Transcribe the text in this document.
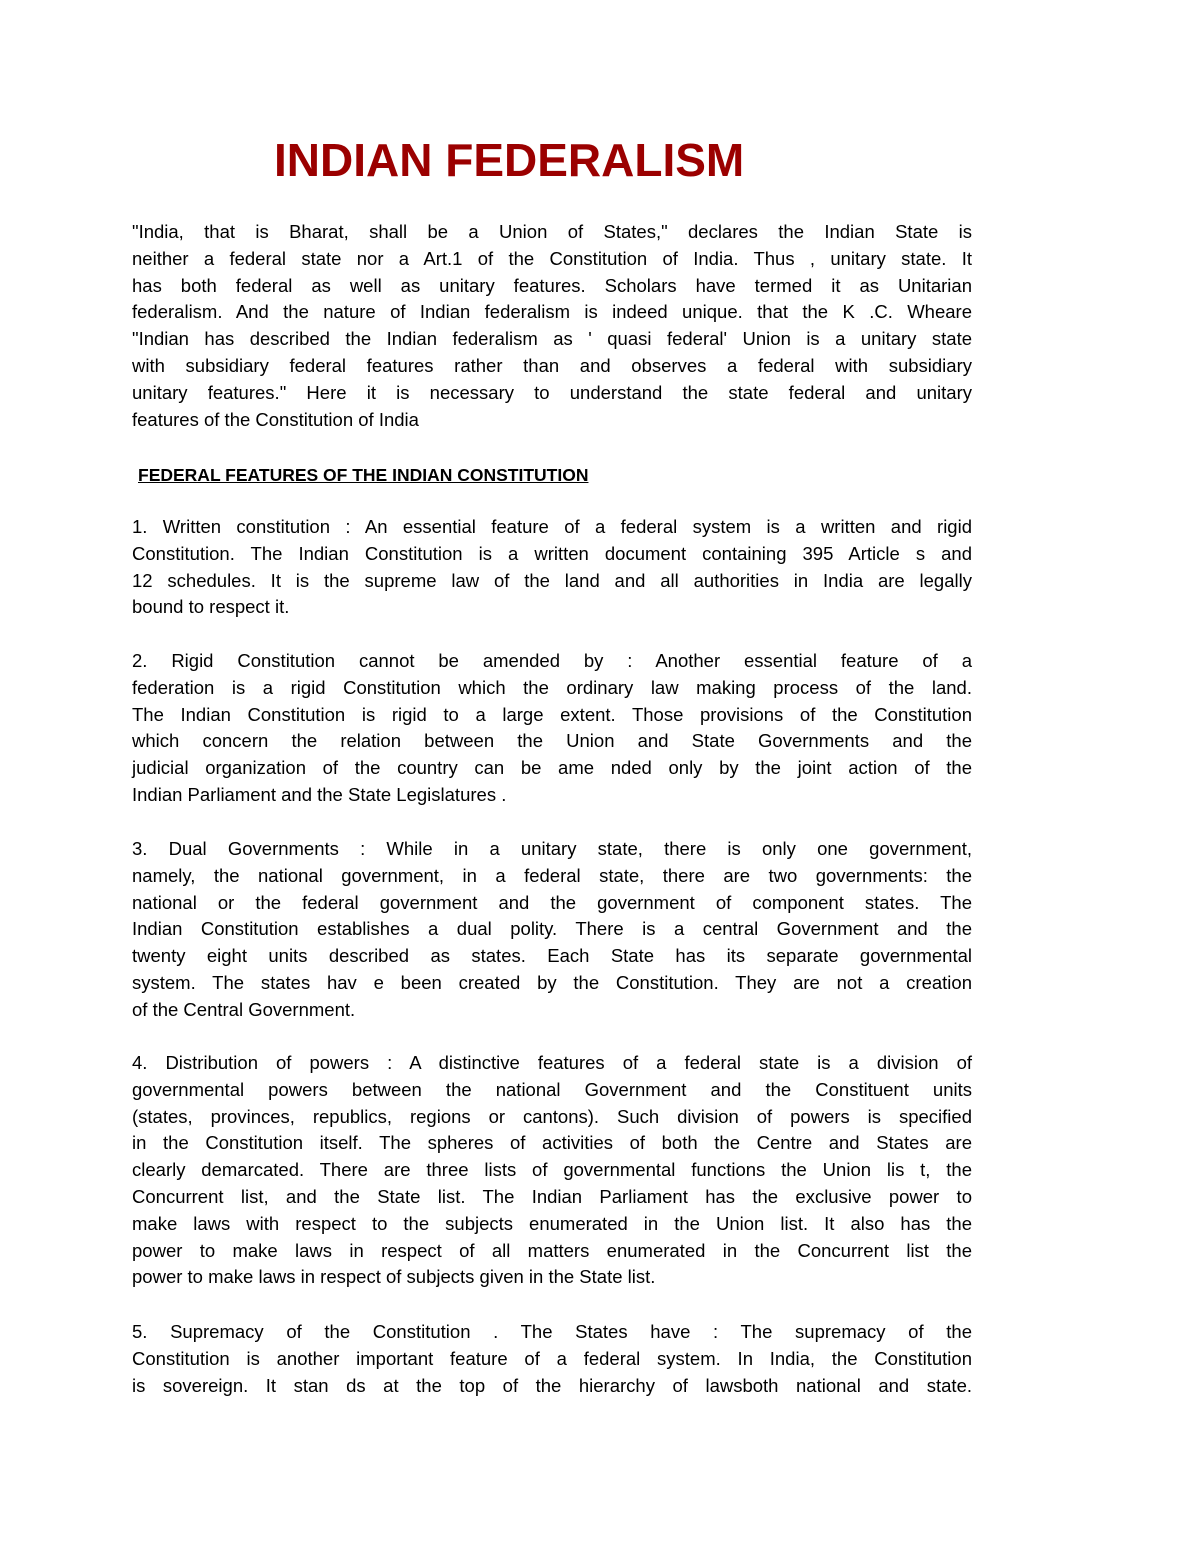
INDIAN FEDERALISM
"India, that is Bharat, shall be a Union of States," declares the Indian State is
neither a federal state nor a Art.1 of the Constitution of India. Thus , unitary state. It
has both federal as well as unitary features. Scholars have termed it as Unitarian
federalism. And the nature of Indian federalism is indeed unique. that the K .C. Wheare
"Indian has described the Indian federalism as ' quasi federal' Union is a unitary state
with subsidiary federal features rather than and observes a federal with subsidiary
unitary features." Here it is necessary to understand the state federal and unitary
features of the Constitution of India
FEDERAL FEATURES OF THE INDIAN CONSTITUTION
1. Written constitution : An essential feature of a federal system is a written and rigid
Constitution. The Indian Constitution is a written document containing 395 Article s and
12 schedules. It is the supreme law of the land and all authorities in India are legally
bound to respect it.
2. Rigid Constitution cannot be amended by : Another essential feature of a
federation is a rigid Constitution which the ordinary law making process of the land.
The Indian Constitution is rigid to a large extent. Those provisions of the Constitution
which concern the relation between the Union and State Governments and the
judicial organization of the country can be ame nded only by the joint action of the
Indian Parliament and the State Legislatures .
3. Dual Governments : While in a unitary state, there is only one government,
namely, the national government, in a federal state, there are two governments: the
national or the federal government and the government of component states. The
Indian Constitution establishes a dual polity. There is a central Government and the
twenty eight units described as states. Each State has its separate governmental
system. The states hav e been created by the Constitution. They are not a creation
of the Central Government.
4. Distribution of powers : A distinctive features of a federal state is a division of
governmental powers between the national Government and the Constituent units
(states, provinces, republics, regions or cantons). Such division of powers is specified
in the Constitution itself. The spheres of activities of both the Centre and States are
clearly demarcated. There are three lists of governmental functions the Union lis t, the
Concurrent list, and the State list. The Indian Parliament has the exclusive power to
make laws with respect to the subjects enumerated in the Union list. It also has the
power to make laws in respect of all matters enumerated in the Concurrent list the
power to make laws in respect of subjects given in the State list.
5. Supremacy of the Constitution . The States have : The supremacy of the
Constitution is another important feature of a federal system. In India, the Constitution
is sovereign. It stan ds at the top of the hierarchy of lawsboth national and state.
